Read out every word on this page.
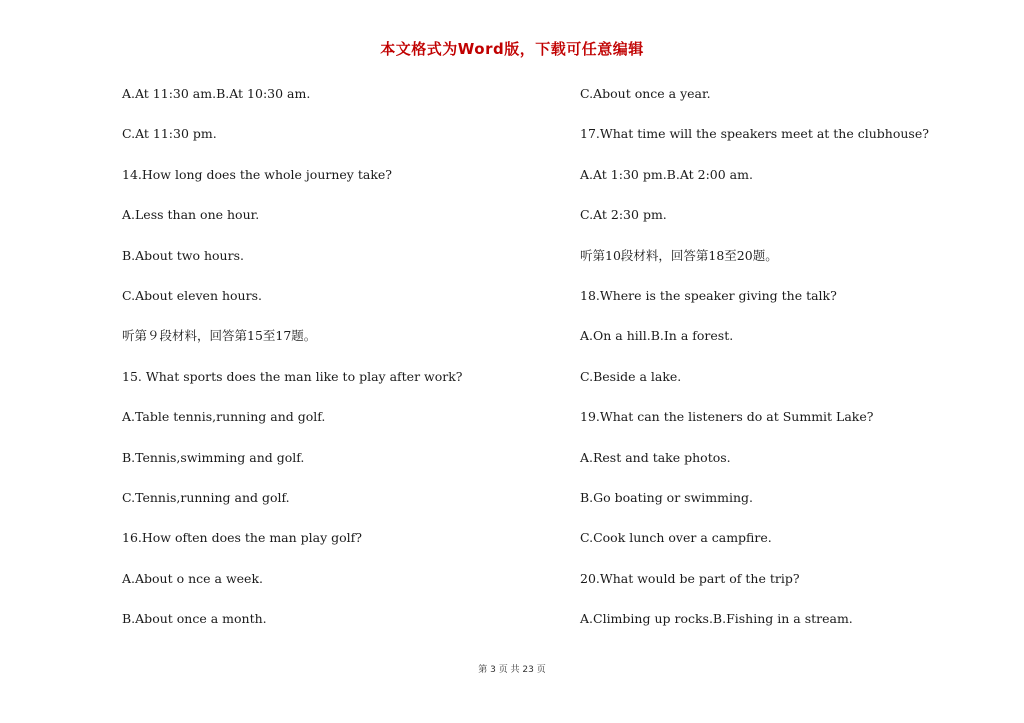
本文格式为Word版，下载可任意编辑
A.At 11:30 am.B.At 10:30 am.
C.At 11:30 pm.
14.How long does the whole journey take?
A.Less than one hour.
B.About two hours.
C.About eleven hours.
听第９段材料，回答第15至17题。
15. What sports does the man like to play after work?
A.Table tennis,running and golf.
B.Tennis,swimming and golf.
C.Tennis,running and golf.
16.How often does the man play golf?
A.About o nce a week.
B.About once a month.
C.About once a year.
17.What time will the speakers meet at the clubhouse?
A.At 1:30 pm.B.At 2:00 am.
C.At 2:30 pm.
听第10段材料，回答第18至20题。
18.Where is the speaker giving the talk?
A.On a hill.B.In a forest.
C.Beside a lake.
19.What can the listeners do at Summit Lake?
A.Rest and take photos.
B.Go boating or swimming.
C.Cook lunch over a campfire.
20.What would be part of the trip?
A.Climbing up rocks.B.Fishing in a stream.
第 3 页 共 23 页
